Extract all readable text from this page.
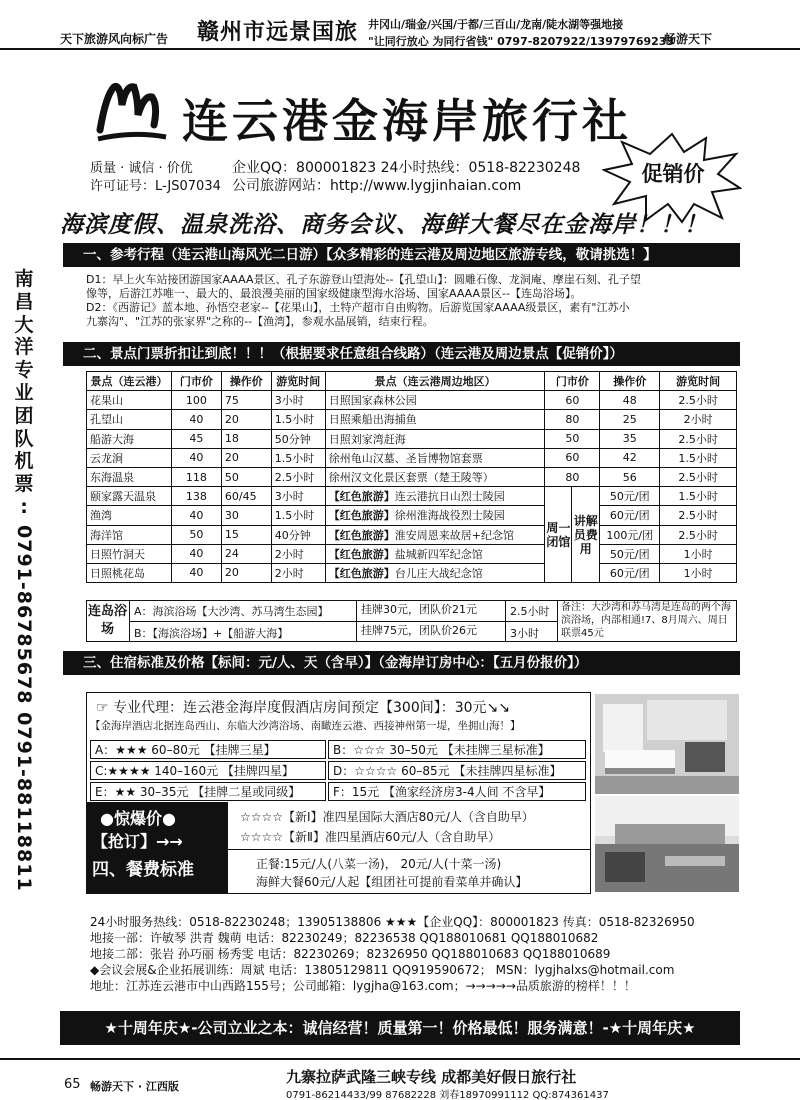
天下旅游风向标广告 赣州市远景国旅 井冈山/瑞金/兴国/于都/三百山/龙南/陡水湖等强地接
"让同行放心 为同行省钱" 0797-8207922/13979769233
畅游天下
连云港金海岸旅行社
质量 · 诚信 · 价优
许可证号：L-JS07034
企业QQ：800001823 24小时热线：0518-82230248
公司旅游网站：http://www.lygjinhaian.com	促销价
海滨度假、温泉洗浴、商务会议、海鲜大餐尽在金海岸！！！
南
昌
大
洋
专
业
团
队
机
票
:
0791-86785678 0791-88118811
一、参考行程（连云港山海风光二日游）【众多精彩的连云港及周边地区旅游专线，敬请挑选！】
D1：早上火车站接团游国家AAAA景区、孔子东游登山望海处--【孔望山】：圆雕石像、龙洞庵、摩崖石刻、孔子望
像等，后游江苏唯一、最大的、最浪漫美丽的国家级健康型海水浴场、国家AAAA景区--【连岛浴场】。
D2：《西游记》蓝本地、孙悟空老家--【花果山】，土特产超市自由购物。后游览国家AAAA级景区，素有"江苏小
九寨沟"、"江苏的张家界"之称的--【渔湾】，参观水晶展销，结束行程。
二、景点门票折扣让到底！！！（根据要求任意组合线路）（连云港及周边景点【促销价】）
景点（连云港）	门市价	操作价	游览时间	景点（连云港周边地区）	门市价		操作价	游览时间
花果山	100	75	3小时	日照国家森林公园	60		48	2.5小时
孔望山	40	20	1.5小时	日照乘船出海捕鱼	80		25	2小时
船游大海	45	18	50分钟	日照刘家湾赶海	50		35	2.5小时
云龙涧	40	20	1.5小时	徐州龟山汉墓、圣旨博物馆套票	60		42	1.5小时
东海温泉	118	50	2.5小时	徐州汉文化景区套票（楚王陵等）	80		56	2.5小时
颐家露天温泉	138	60/45	3小时	【红色旅游】连云港抗日山烈士陵园	周一闭馆	讲解员费用	50元/团	1.5小时
渔湾	40	30	1.5小时	【红色旅游】徐州淮海战役烈士陵园			60元/团	2.5小时
海洋馆	50	15	40分钟	【红色旅游】淮安周恩来故居+纪念馆			100元/团	2.5小时
日照竹洞天	40	24	2小时	【红色旅游】盐城新四军纪念馆			50元/团	1小时
日照桃花岛	40	20	2小时	【红色旅游】台儿庄大战纪念馆			60元/团	1小时
连岛浴场
A：海滨浴场【大沙湾、苏马湾生态园】	挂牌30元，团队价21元	2.5小时
B：【海滨浴场】+【船游大海】	挂牌75元，团队价26元	3小时
备注：大沙湾和苏马湾是连岛的两个海滨浴场，内部相通!7、8月周六、周日联票45元
三、住宿标准及价格【标间：元/人、天（含早）】（金海岸订房中心：【五月份报价】）
☞ 专业代理：连云港金海岸度假酒店房间预定【300间】：30元↘↘
【金海岸酒店北据连岛西山、东临大沙湾浴场、南瞰连云港、西接神州第一堤，坐拥山海！】
A：★★★ 60–80元 【挂牌三星】	B：☆☆☆ 30–50元 【未挂牌三星标准】
C:★★★★ 140–160元 【挂牌四星】	D：☆☆☆☆ 60–85元 【未挂牌四星标准】
E：★★ 30–35元 【挂牌二星或同级】	F：15元 【渔家经济房3-4人间 不含早】
●惊爆价●
【抢订】→→
四、餐费标准
☆☆☆☆【新Ⅰ】准四星国际大酒店80元/人（含自助早）
☆☆☆☆【新Ⅱ】准四星酒店60元/人（含自助早）
正餐:15元/人(八菜一汤)， 20元/人(十菜一汤)
海鲜大餐60元/人起【组团社可提前看菜单并确认】

24小时服务热线：0518-82230248；13905138806 ★★★【企业QQ】：800001823 传真：0518-82326950

地接一部：许敏琴 洪青 魏萌 电话：82230249；82236538 QQ188010681 QQ188010682

地接二部：张岩 孙巧丽 杨秀雯 电话：82230269；82326950 QQ188010683 QQ188010689

◆会议会展&企业拓展训练：周斌 电话：13805129811 QQ919590672； MSN：lygjhalxs@hotmail.com

地址：江苏连云港市中山西路155号；公司邮箱：lygjha@163.com；→→→→→品质旅游的榜样！！！

★十周年庆★-公司立业之本：诚信经营！质量第一！价格最低！服务满意！-★十周年庆★
65 畅游天下 · 江西版
九寨拉萨武隆三峡专线 成都美好假日旅行社
0791-86214433/99 87682228 刘春18970991112 QQ:874361437
